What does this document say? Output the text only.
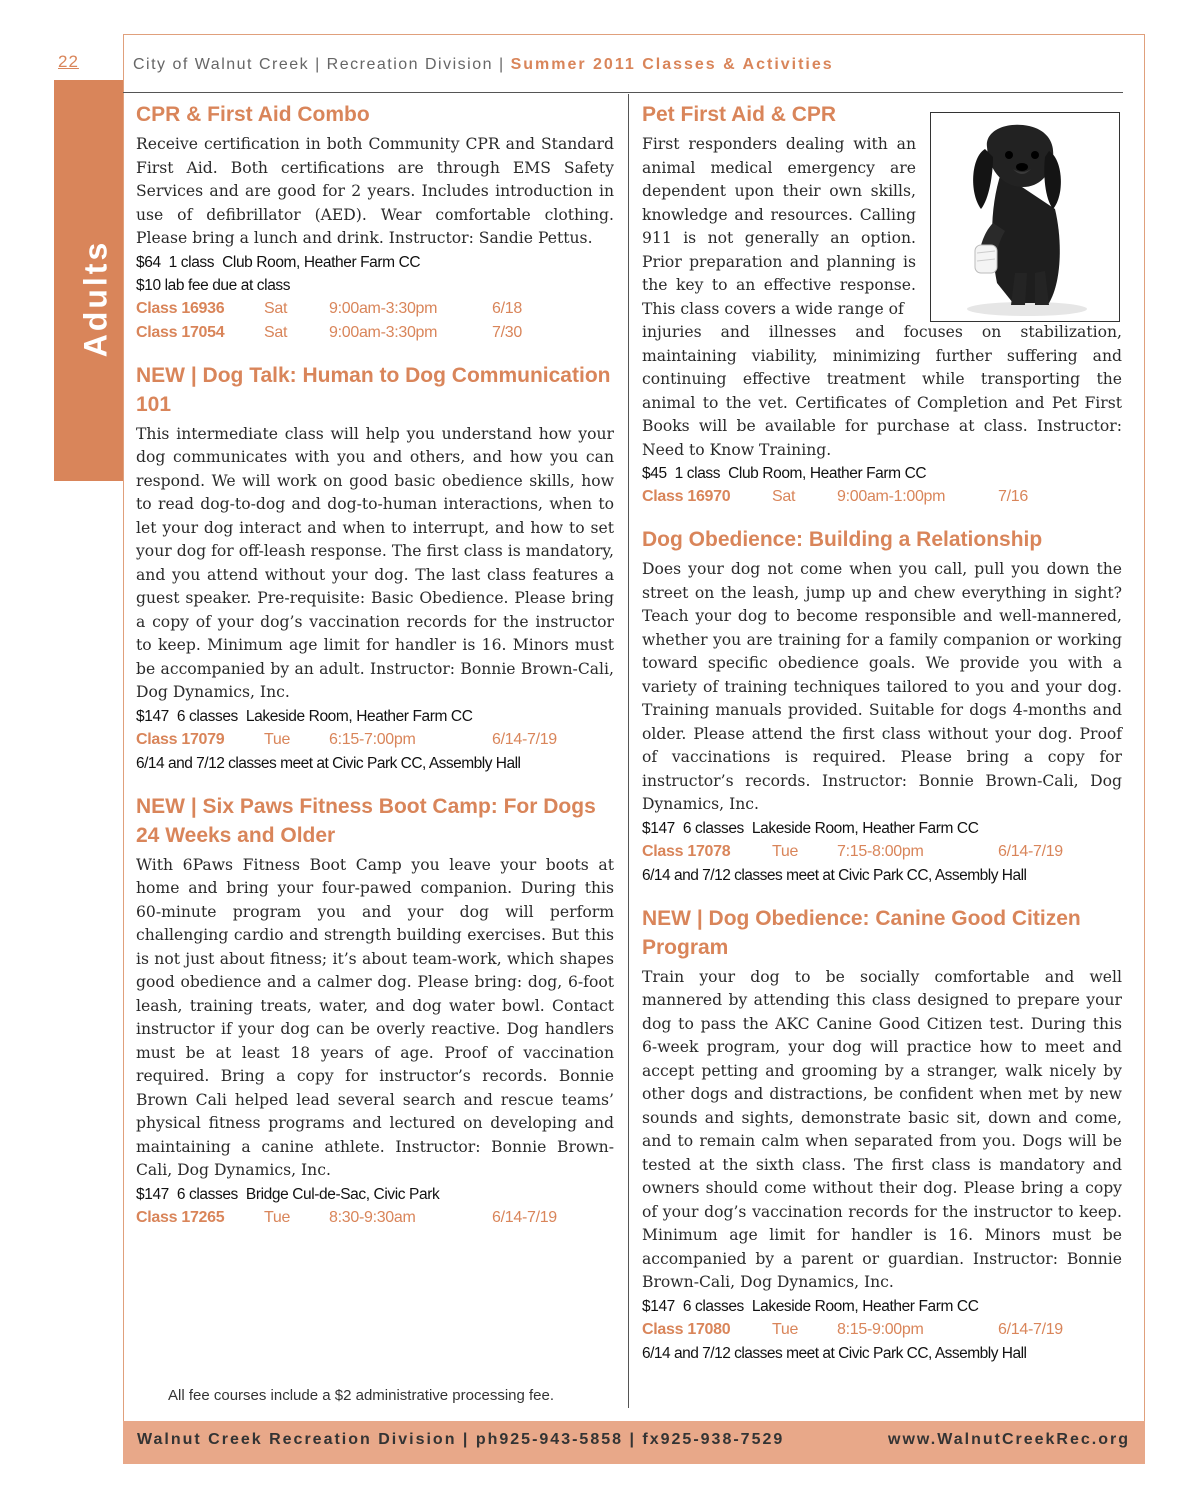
22
Adults
City of Walnut Creek | Recreation Division | Summer 2011 Classes & Activities
CPR & First Aid Combo

Receive certification in both Community CPR and Standard First Aid. Both certifications are through EMS Safety Services and are good for 2 years. Includes introduction in use of defibrillator (AED). Wear comfortable clothing. Please bring a lunch and drink. Instructor: Sandie Pettus.

$64 1 class Club Room, Heather Farm CC
$10 lab fee due at class
Class 16936 Sat	9:00am-3:30pm	6/18
Class 17054 Sat	9:00am-3:30pm	7/30
NEW | Dog Talk: Human to Dog Communication 101

This intermediate class will help you understand how your dog communicates with you and others, and how you can respond. We will work on good basic obedience skills, how to read dog-to-dog and dog-to-human interactions, when to let your dog interact and when to interrupt, and how to set your dog for off-leash response. The first class is mandatory, and you attend without your dog. The last class features a guest speaker. Pre-requisite: Basic Obedience. Please bring a copy of your dog’s vaccination records for the instructor to keep. Minimum age limit for handler is 16. Minors must be accompanied by an adult. Instructor: Bonnie Brown-Cali, Dog Dynamics, Inc.

$147 6 classes Lakeside Room, Heather Farm CC
Class 17079 Tue 6:15-7:00pm	6/14-7/19
6/14 and 7/12 classes meet at Civic Park CC, Assembly Hall
NEW | Six Paws Fitness Boot Camp: For Dogs 24 Weeks and Older

With 6Paws Fitness Boot Camp you leave your boots at home and bring your four-pawed companion. During this 60-minute program you and your dog will perform challenging cardio and strength building exercises. But this is not just about fitness; it’s about team-work, which shapes good obedience and a calmer dog. Please bring: dog, 6-foot leash, training treats, water, and dog water bowl. Contact instructor if your dog can be overly reactive. Dog handlers must be at least 18 years of age. Proof of vaccination required. Bring a copy for instructor’s records. Bonnie Brown Cali helped lead several search and rescue teams’ physical fitness programs and lectured on developing and maintaining a canine athlete. Instructor: Bonnie Brown-Cali, Dog Dynamics, Inc.

$147 6 classes Bridge Cul-de-Sac, Civic Park
Class 17265 Tue 8:30-9:30am	6/14-7/19
Pet First Aid & CPR

First responders dealing with an animal medical emergency are dependent upon their own skills, knowledge and resources. Calling 911 is not generally an option. Prior preparation and planning is the key to an effective response. This class covers a wide range of

injuries and illnesses and focuses on stabilization, maintaining viability, minimizing further suffering and continuing effective treatment while transporting the animal to the vet. Certificates of Completion and Pet First Books will be available for purchase at class. Instructor: Need to Know Training.

$45 1 class Club Room, Heather Farm CC
Class 16970	Sat	9:00am-1:00pm	7/16
Dog Obedience: Building a Relationship

Does your dog not come when you call, pull you down the street on the leash, jump up and chew everything in sight? Teach your dog to become responsible and well-mannered, whether you are training for a family companion or working toward specific obedience goals. We provide you with a variety of training techniques tailored to you and your dog. Training manuals provided. Suitable for dogs 4-months and older. Please attend the first class without your dog. Proof of vaccinations is required. Please bring a copy for instructor’s records. Instructor: Bonnie Brown-Cali, Dog Dynamics, Inc.

$147 6 classes Lakeside Room, Heather Farm CC
Class 17078	Tue 7:15-8:00pm	6/14-7/19
6/14 and 7/12 classes meet at Civic Park CC, Assembly Hall
NEW | Dog Obedience: Canine Good Citizen Program

Train your dog to be socially comfortable and well mannered by attending this class designed to prepare your dog to pass the AKC Canine Good Citizen test. During this 6-week program, your dog will practice how to meet and accept petting and grooming by a stranger, walk nicely by other dogs and distractions, be confident when met by new sounds and sights, demonstrate basic sit, down and come, and to remain calm when separated from you. Dogs will be tested at the sixth class. The first class is mandatory and owners should come without their dog. Please bring a copy of your dog’s vaccination records for the instructor to keep. Minimum age limit for handler is 16. Minors must be accompanied by a parent or guardian. Instructor: Bonnie Brown-Cali, Dog Dynamics, Inc.

$147 6 classes Lakeside Room, Heather Farm CC
Class 17080	Tue 8:15-9:00pm	6/14-7/19
6/14 and 7/12 classes meet at Civic Park CC, Assembly Hall
All fee courses include a $2 administrative processing fee.
Walnut Creek Recreation Division | ph925-943-5858 | fx925-938-7529	www.WalnutCreekRec.org
